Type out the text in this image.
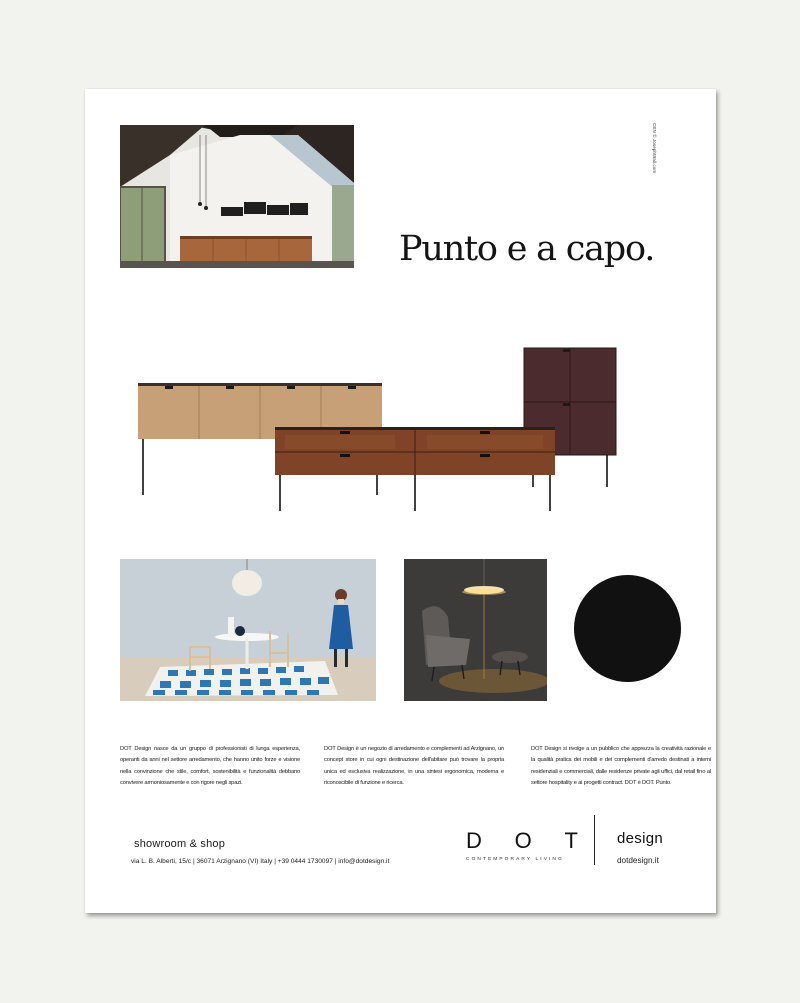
CEN © JosephWall.com
Punto e a capo.
DOT Design nasce da un gruppo di professionisti di lunga esperienza, operanti da anni nel settore arredamento, che hanno unito forze e visione nella convinzione che stile, comfort, sostenibilità e funzionalità debbano convivere armoniosamente e con rigore negli spazi.
DOT Design è un negozio di arredamento e complementi ad Arzignano, un concept store in cui ogni destinazione dell'abitare può trovare la propria unica ed esclusiva realizzazione, in una sintesi ergonomica, moderna e riconoscibile di funzione e ricerca.
DOT Design si rivolge a un pubblico che apprezza la creatività razionale e la qualità pratica dei mobili e dei complementi d'arredo destinati a interni residenziali e commerciali, dalle residenze private agli uffici, dal retail fino al settore hospitality e ai progetti contract. DOT è DOT. Punto.
showroom & shop
via L. B. Alberti, 15/c | 36071 Arzignano (VI) Italy | +39 0444 1730097 | info@dotdesign.it
D O T
CONTEMPORARY LIVING
design
dotdesign.it
